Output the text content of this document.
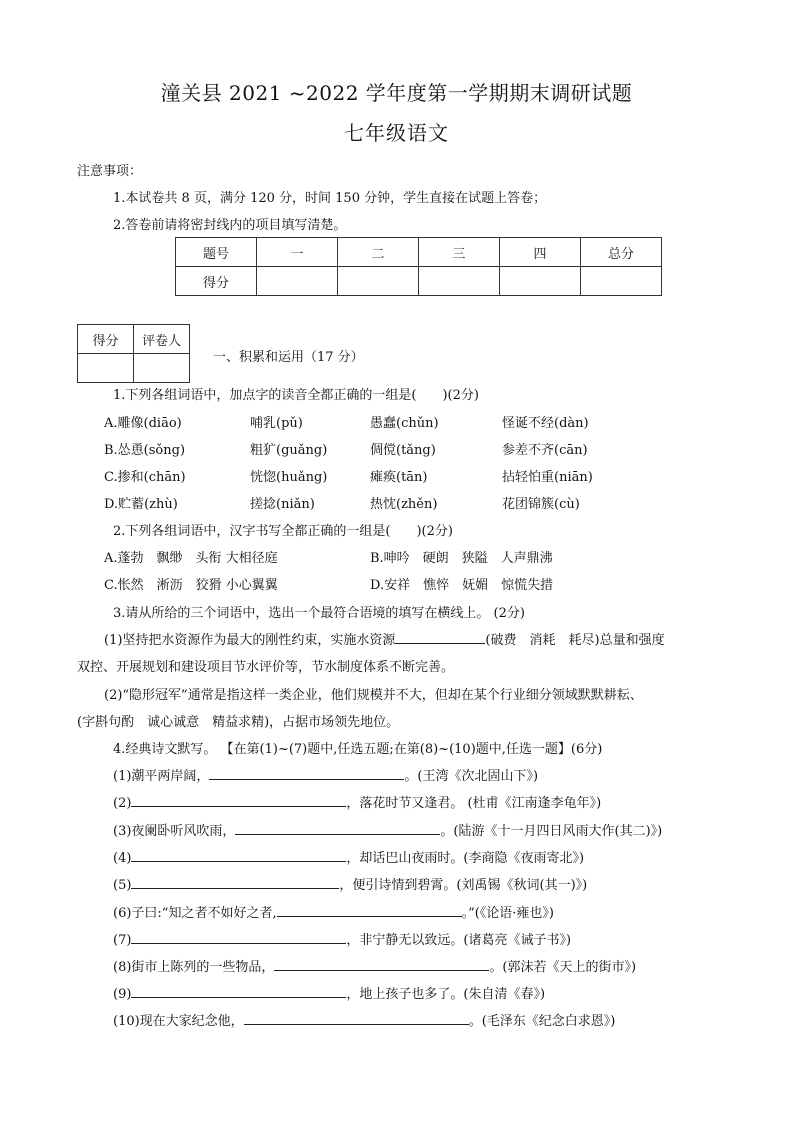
潼关县 2021 ~2022 学年度第一学期期末调研试题
七年级语文
注意事项：
1.本试卷共 8 页，满分 120 分，时间 150 分钟，学生直接在试题上答卷；
2.答卷前请将密封线内的项目填写清楚。
题号	一	二	三	四	总分
得分					
得分	评卷人

一、积累和运用（17 分）
1.下列各组词语中，加点字的读音全都正确的一组是(　　)(2分)
A.雕像(diāo)	哺乳(pǔ)	愚蠢(chǔn)	怪诞不经(dàn)
B.怂恿(sǒng)	粗犷(guǎng)	倜傥(tǎng)	参差不齐(cān)
C.掺和(chān)	恍惚(huǎng)	瘫痪(tān)	拈轻怕重(niān)
D.贮蓄(zhù)	搓捻(niǎn)	热忱(zhěn)	花团锦簇(cù)
2.下列各组词语中，汉字书写全都正确的一组是(　　)(2分)
A.蓬勃　飘缈　头衔 大相径庭	B.呻吟　硬朗　狭隘　人声鼎沸
C.怅然　淅沥　狡猾 小心翼翼	D.安祥　憔悴　妩媚　惊慌失措
3.请从所给的三个词语中，选出一个最符合语境的填写在横线上。 (2分)
(1)坚持把水资源作为最大的刚性约束，实施水资源	(破费　消耗　耗尽)总量和强度
双控、开展规划和建设项目节水评价等，节水制度体系不断完善。
(2)“隐形冠军”通常是指这样一类企业，他们规模并不大，但却在某个行业细分领域默默耕耘、
(字斟句酌　诚心诚意　精益求精)，占据市场领先地位。
4.经典诗文默写。 【在第(1)~(7)题中,任选五题;在第(8)~(10)题中,任选一题】(6分)
(1)潮平两岸阔，	。(王湾《次北固山下》)
(2)	，落花时节又逢君。 (杜甫《江南逢李龟年》)
(3)夜阑卧听风吹雨，	。(陆游《十一月四日风雨大作(其二)》)
(4)	，却话巴山夜雨时。(李商隐《夜雨寄北》)
(5)	，便引诗情到碧霄。(刘禹锡《秋词(其一)》)
(6)子曰:“知之者不如好之者,	。”(《论语·雍也》)
(7)	，非宁静无以致远。(诸葛亮《诫子书》)
(8)街市上陈列的一些物品，	。(郭沫若《天上的街市》)
(9)	，地上孩子也多了。(朱自清《春》)
(10)现在大家纪念他，	。(毛泽东《纪念白求恩》)
